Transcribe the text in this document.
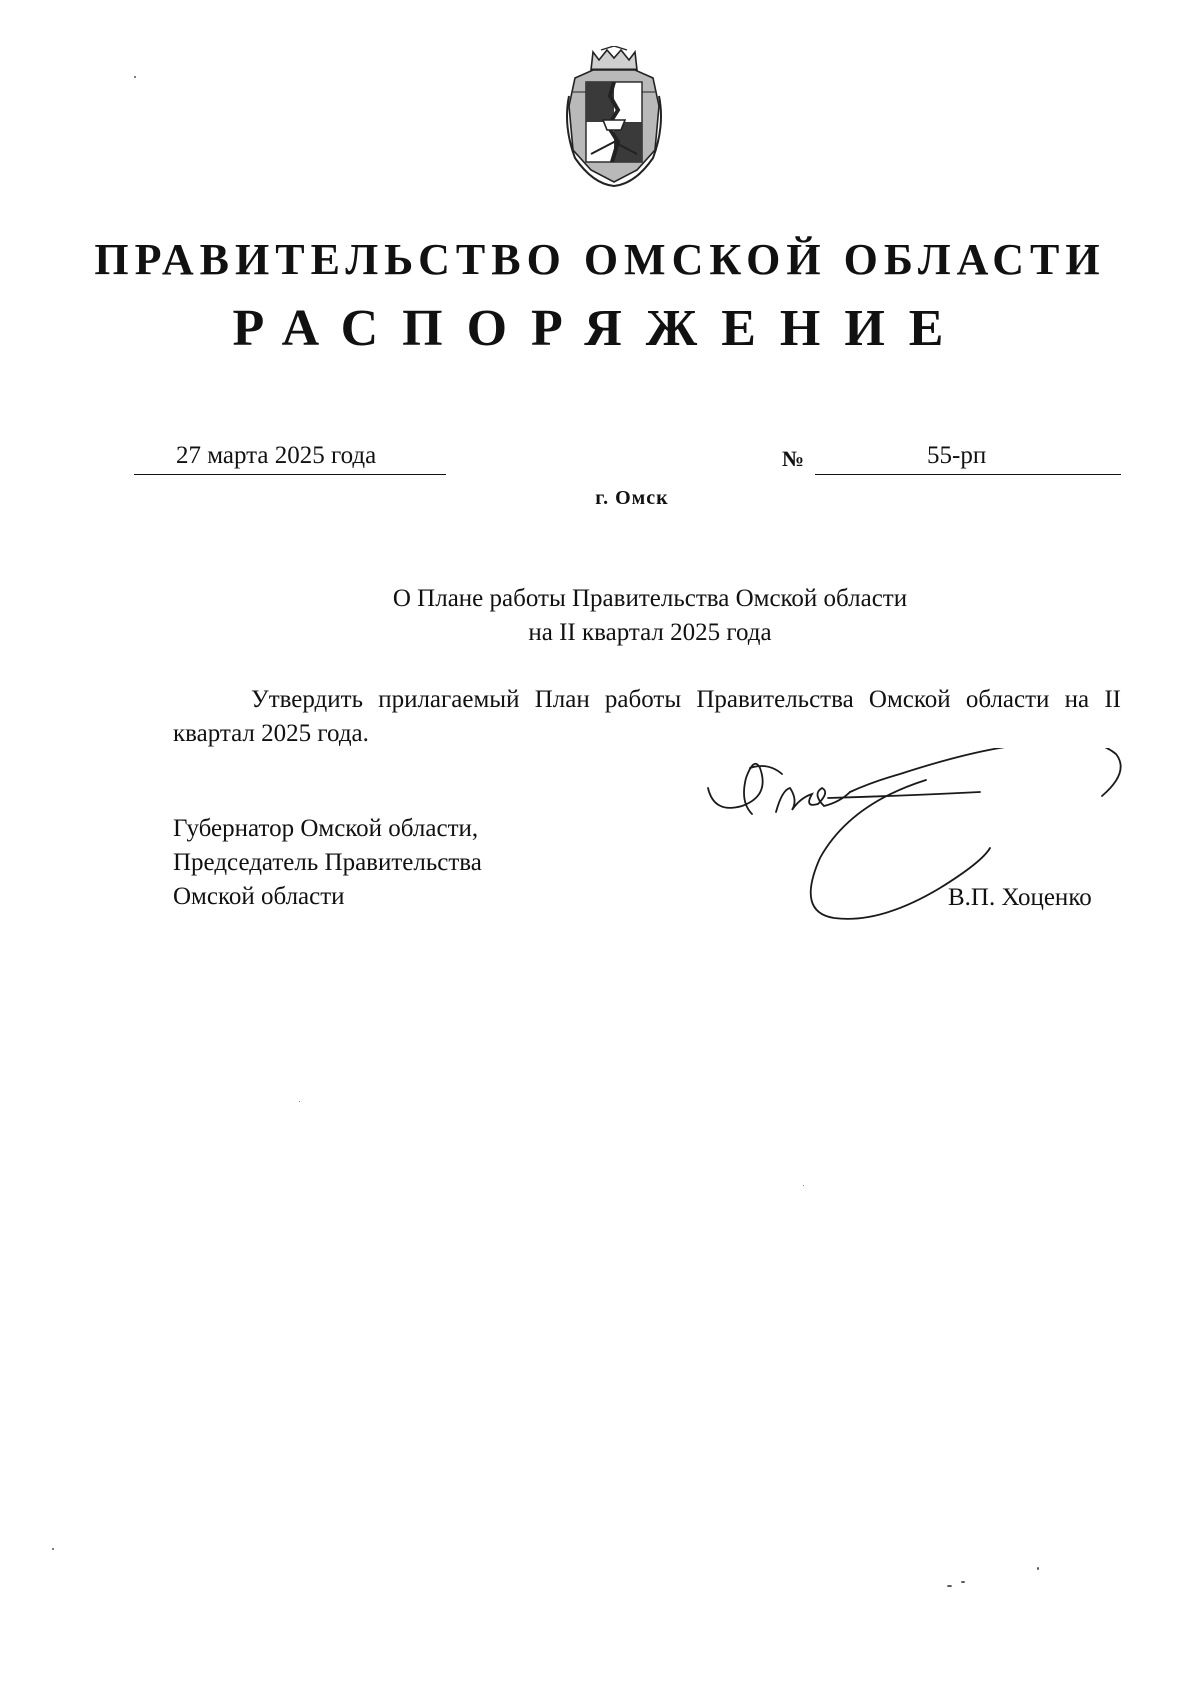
ПРАВИТЕЛЬСТВО ОМСКОЙ ОБЛАСТИ
РАСПОРЯЖЕНИЕ
27 марта 2025 года	№	55-рп
г. Омск
О Плане работы Правительства Омской области
на II квартал 2025 года
Утвердить прилагаемый План работы Правительства Омской области на II квартал 2025 года.
Губернатор Омской области,
Председатель Правительства
Омской области	В.П. Хоценко
